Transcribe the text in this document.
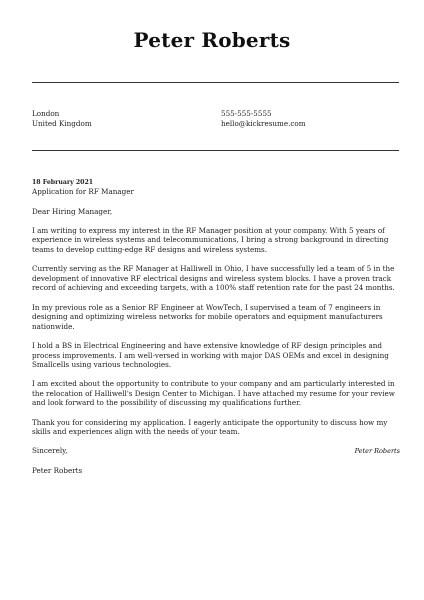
Peter Roberts
London
United Kingdom
555-555-5555
hello@kickresume.com
18 February 2021
Application for RF Manager

Dear Hiring Manager,

I am writing to express my interest in the RF Manager position at your company. With 5 years of experience in wireless systems and telecommunications, I bring a strong background in directing teams to develop cutting-edge RF designs and wireless systems.

Currently serving as the RF Manager at Halliwell in Ohio, I have successfully led a team of 5 in the development of innovative RF electrical designs and wireless system blocks. I have a proven track record of achieving and exceeding targets, with a 100% staff retention rate for the past 24 months.

In my previous role as a Senior RF Engineer at WowTech, I supervised a team of 7 engineers in designing and optimizing wireless networks for mobile operators and equipment manufacturers nationwide.

I hold a BS in Electrical Engineering and have extensive knowledge of RF design principles and process improvements. I am well-versed in working with major DAS OEMs and excel in designing Smallcells using various technologies.

I am excited about the opportunity to contribute to your company and am particularly interested in the relocation of Halliwell's Design Center to Michigan. I have attached my resume for your review and look forward to the possibility of discussing my qualifications further.

Thank you for considering my application. I eagerly anticipate the opportunity to discuss how my skills and experiences align with the needs of your team.

Sincerely,

Peter Roberts

Peter Roberts
